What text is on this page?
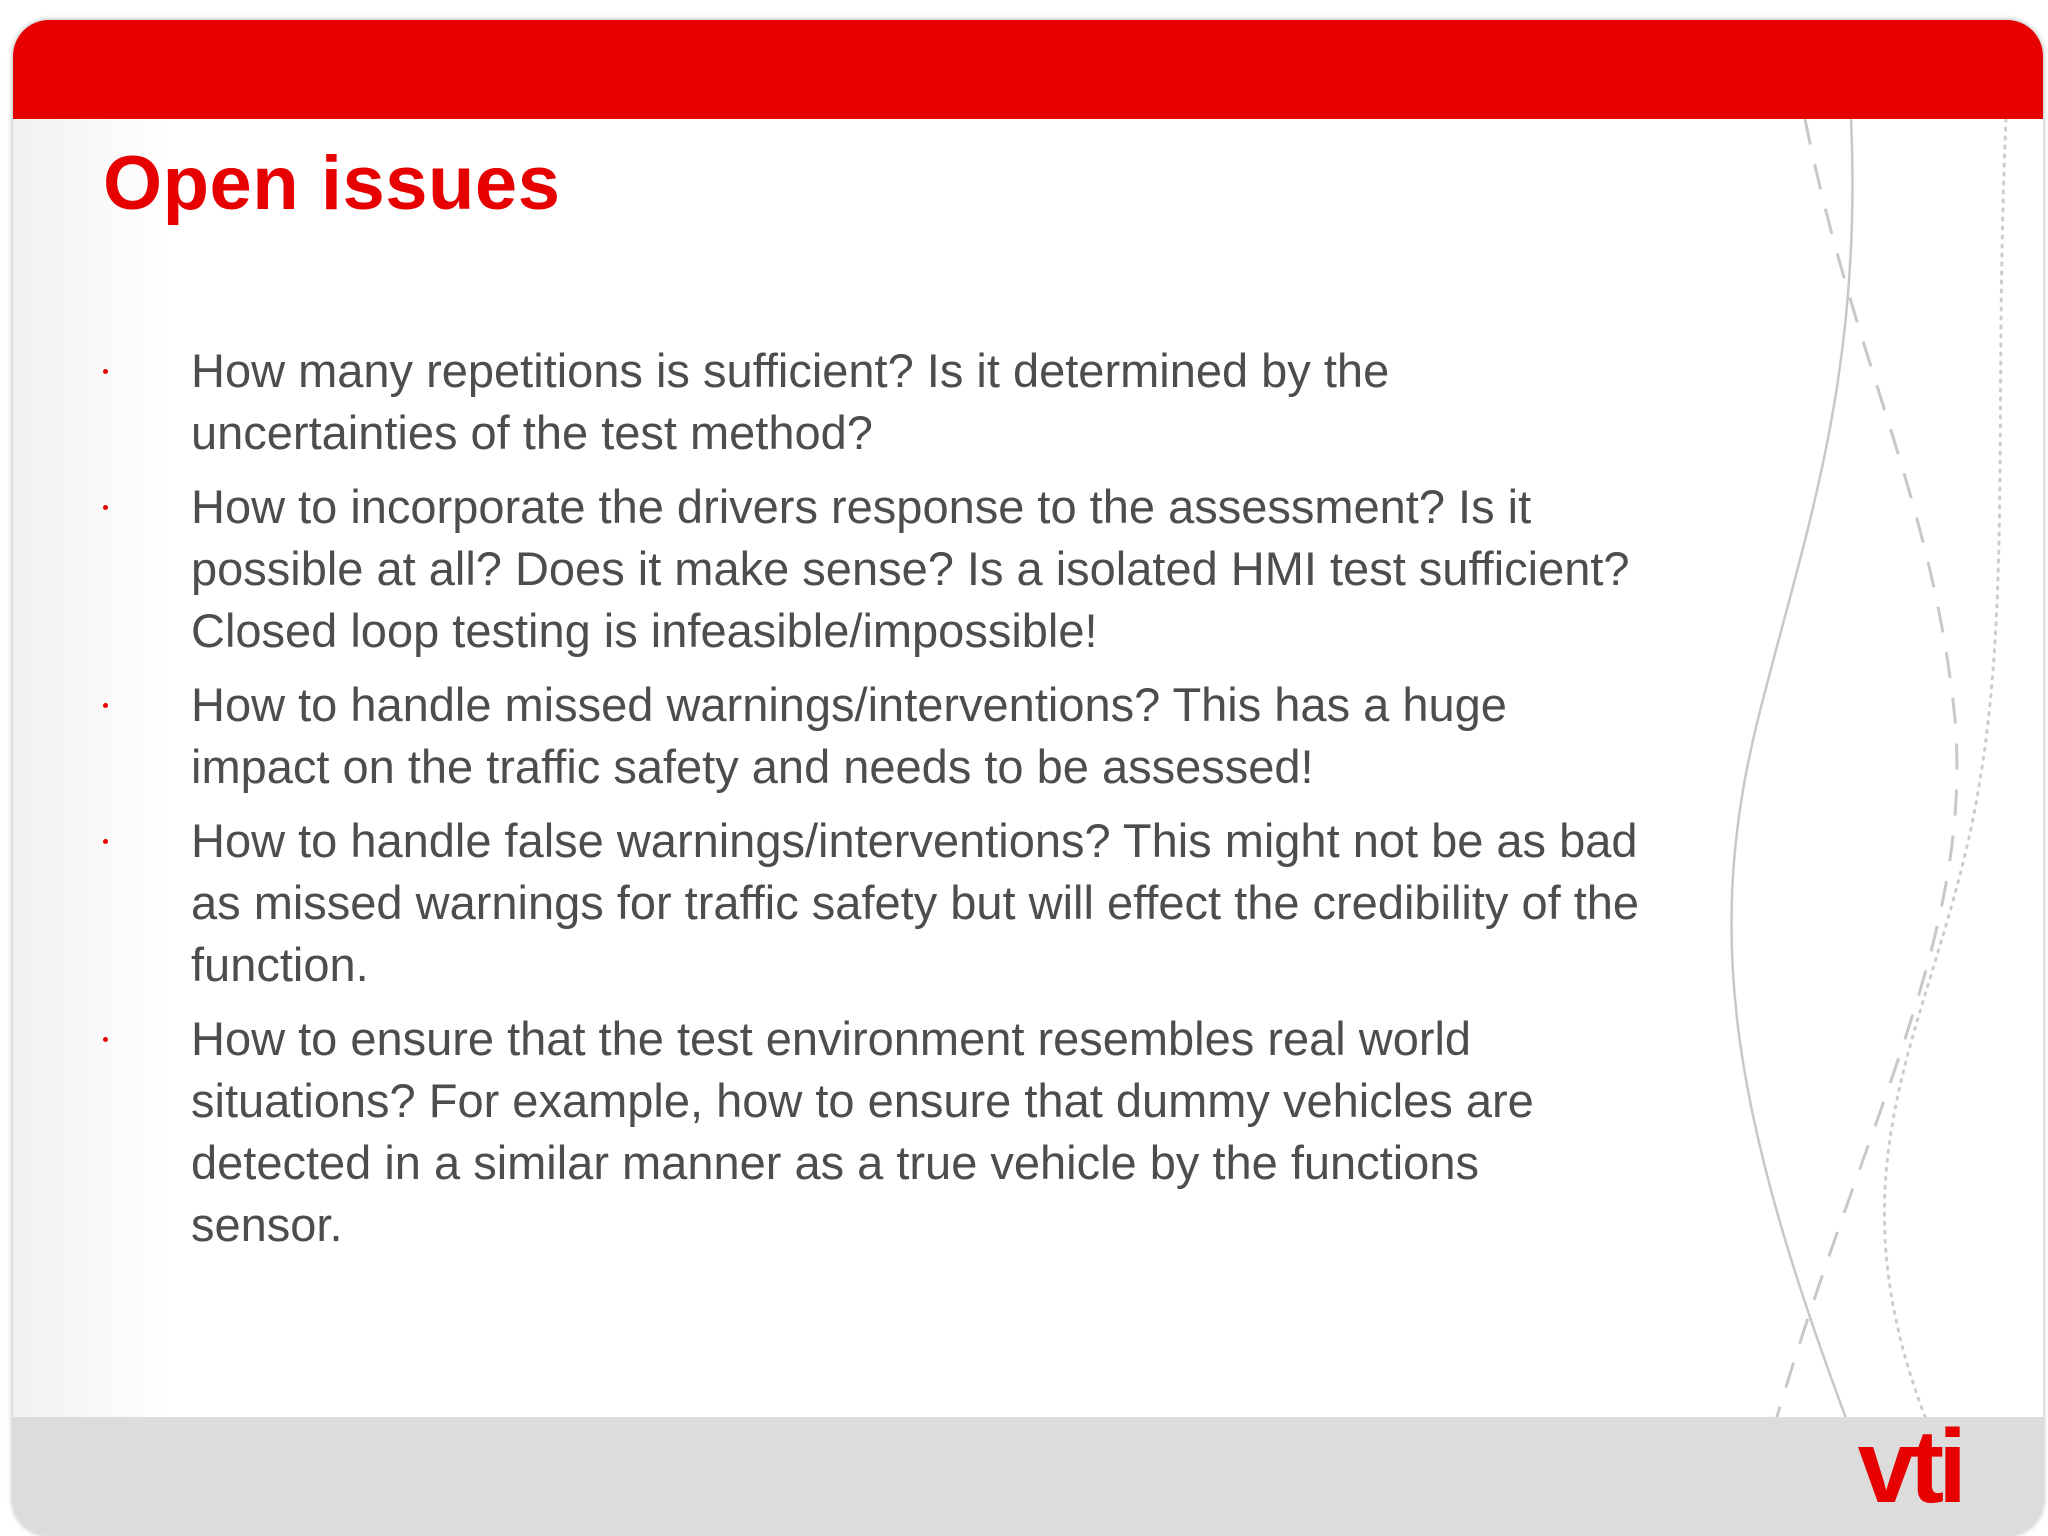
Open issues
How many repetitions is sufficient? Is it determined by the uncertainties of the test method?
How to incorporate the drivers response to the assessment? Is it possible at all? Does it make sense? Is a isolated HMI test sufficient? Closed loop testing is infeasible/impossible!
How to handle missed warnings/interventions? This has a huge impact on the traffic safety and needs to be assessed!
How to handle false warnings/interventions? This might not be as bad as missed warnings for traffic safety but will effect the credibility of the function.
How to ensure that the test environment resembles real world situations? For example, how to ensure that dummy vehicles are detected in a similar manner as a true vehicle by the functions sensor.
vti
